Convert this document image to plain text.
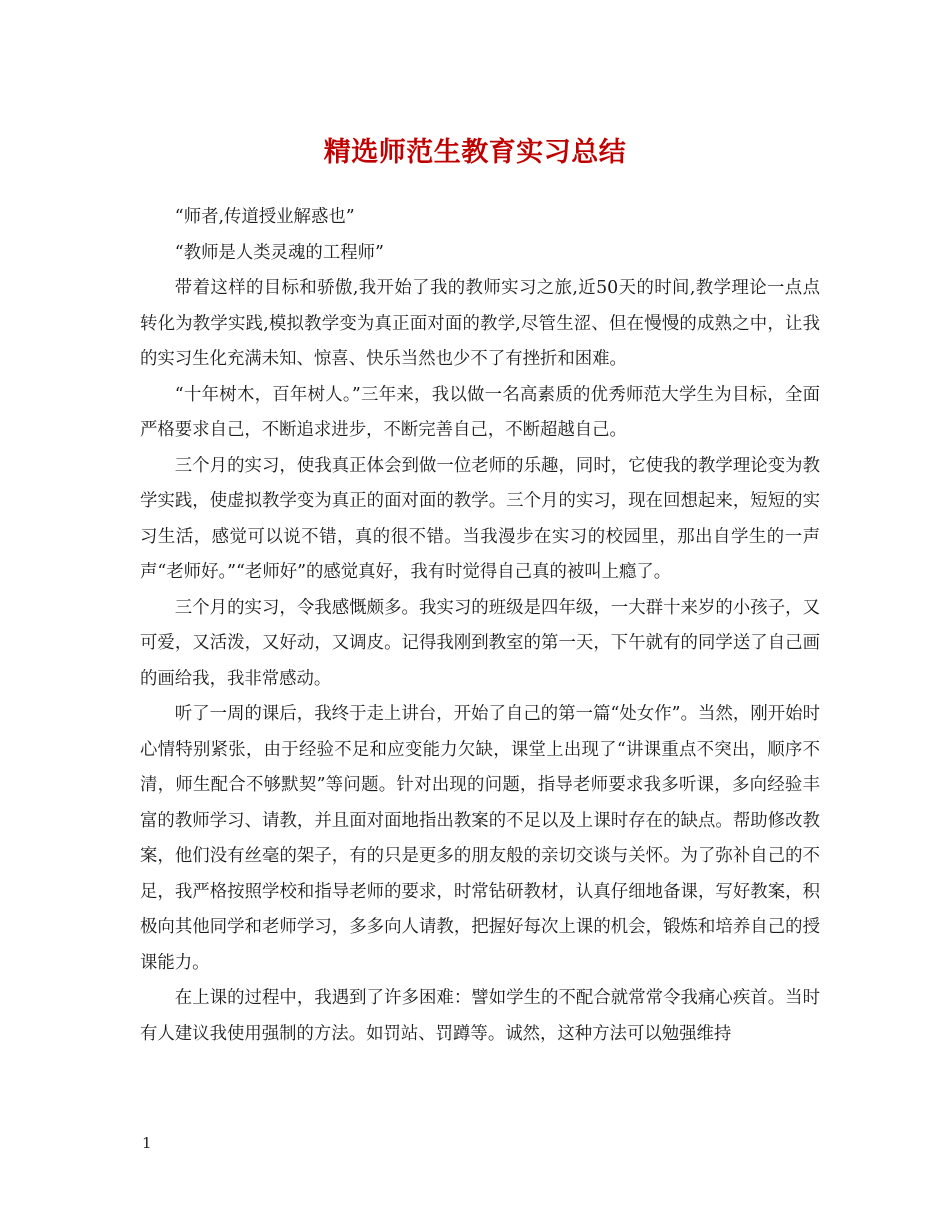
精选师范生教育实习总结

“师者,传道授业解惑也”

“教师是人类灵魂的工程师”

带着这样的目标和骄傲,我开始了我的教师实习之旅,近50天的时间,教学理论一点点转化为教学实践,模拟教学变为真正面对面的教学,尽管生涩、但在慢慢的成熟之中，让我的实习生化充满未知、惊喜、快乐当然也少不了有挫折和困难。

“十年树木，百年树人。”三年来，我以做一名高素质的优秀师范大学生为目标，全面严格要求自己，不断追求进步，不断完善自己，不断超越自己。

三个月的实习，使我真正体会到做一位老师的乐趣，同时，它使我的教学理论变为教学实践，使虚拟教学变为真正的面对面的教学。三个月的实习，现在回想起来，短短的实习生活，感觉可以说不错，真的很不错。当我漫步在实习的校园里，那出自学生的一声声“老师好。”“老师好”的感觉真好，我有时觉得自己真的被叫上瘾了。

三个月的实习，令我感慨颇多。我实习的班级是四年级，一大群十来岁的小孩子，又可爱，又活泼，又好动，又调皮。记得我刚到教室的第一天，下午就有的同学送了自己画的画给我，我非常感动。

听了一周的课后，我终于走上讲台，开始了自己的第一篇“处女作”。当然，刚开始时心情特别紧张，由于经验不足和应变能力欠缺，课堂上出现了“讲课重点不突出，顺序不清，师生配合不够默契”等问题。针对出现的问题，指导老师要求我多听课，多向经验丰富的教师学习、请教，并且面对面地指出教案的不足以及上课时存在的缺点。帮助修改教案，他们没有丝毫的架子，有的只是更多的朋友般的亲切交谈与关怀。为了弥补自己的不足，我严格按照学校和指导老师的要求，时常钻研教材，认真仔细地备课，写好教案，积极向其他同学和老师学习，多多向人请教，把握好每次上课的机会，锻炼和培养自己的授课能力。

在上课的过程中，我遇到了许多困难：譬如学生的不配合就常常令我痛心疾首。当时有人建议我使用强制的方法。如罚站、罚蹲等。诚然，这种方法可以勉强维持

1
